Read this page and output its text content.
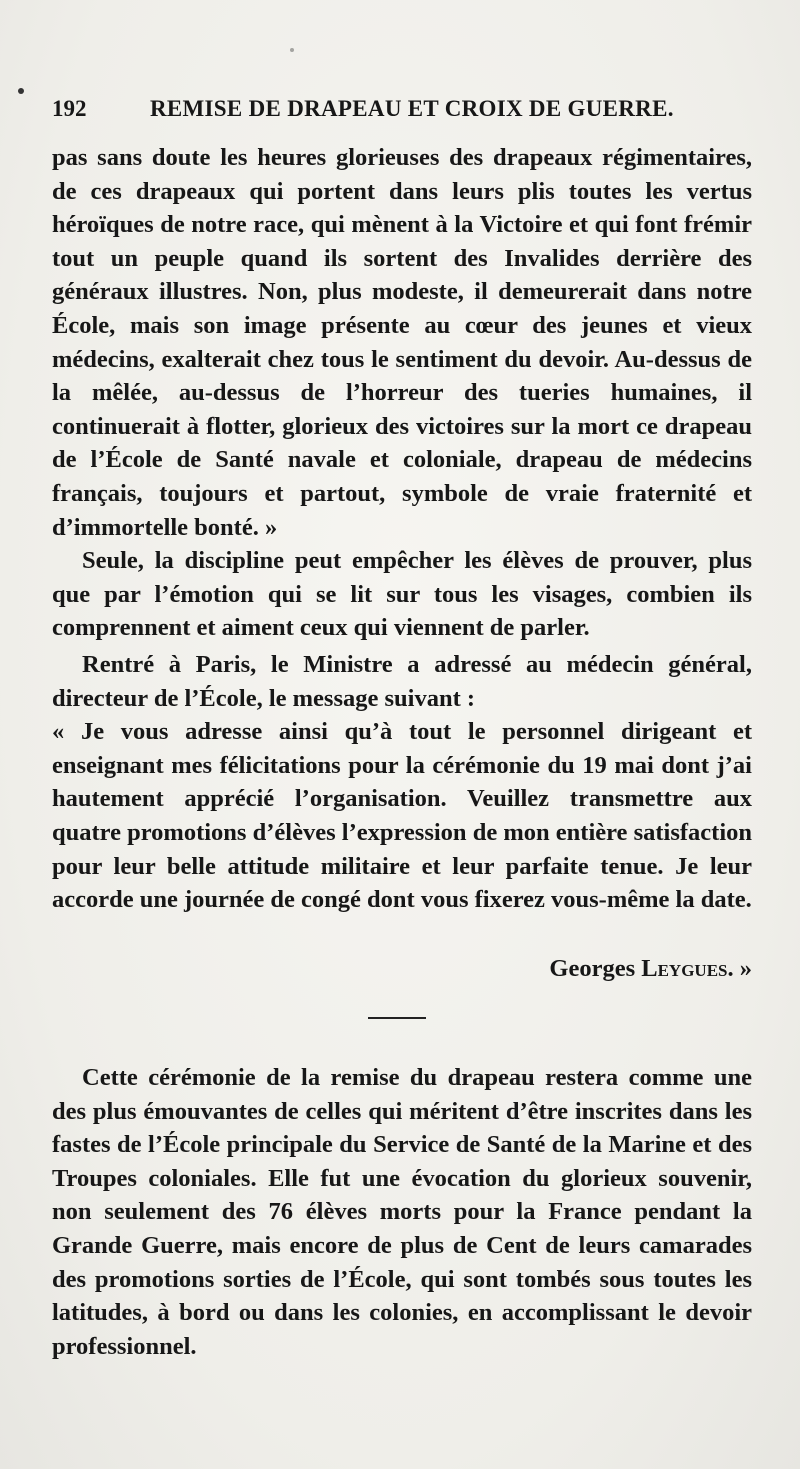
192	REMISE DE DRAPEAU ET CROIX DE GUERRE.

pas sans doute les heures glorieuses des drapeaux régimentaires, de ces drapeaux qui portent dans leurs plis toutes les vertus héroïques de notre race, qui mènent à la Victoire et qui font frémir tout un peuple quand ils sortent des Invalides derrière des généraux illustres. Non, plus modeste, il demeurerait dans notre École, mais son image présente au cœur des jeunes et vieux médecins, exalterait chez tous le sentiment du devoir. Au-dessus de la mêlée, au-dessus de l’horreur des tueries humaines, il continuerait à flotter, glorieux des victoires sur la mort ce drapeau de l’École de Santé navale et coloniale, drapeau de médecins français, toujours et partout, symbole de vraie fraternité et d’immortelle bonté. »

Seule, la discipline peut empêcher les élèves de prouver, plus que par l’émotion qui se lit sur tous les visages, combien ils comprennent et aiment ceux qui viennent de parler.

Rentré à Paris, le Ministre a adressé au médecin général, directeur de l’École, le message suivant :

« Je vous adresse ainsi qu’à tout le personnel dirigeant et enseignant mes félicitations pour la cérémonie du 19 mai dont j’ai hautement apprécié l’organisation. Veuillez transmettre aux quatre promotions d’élèves l’expression de mon entière satisfaction pour leur belle attitude militaire et leur parfaite tenue. Je leur accorde une journée de congé dont vous fixerez vous-même la date.

Georges Leygues. »

Cette cérémonie de la remise du drapeau restera comme une des plus émouvantes de celles qui méritent d’être inscrites dans les fastes de l’École principale du Service de Santé de la Marine et des Troupes coloniales. Elle fut une évocation du glorieux souvenir, non seulement des 76 élèves morts pour la France pendant la Grande Guerre, mais encore de plus de Cent de leurs camarades des promotions sorties de l’École, qui sont tombés sous toutes les latitudes, à bord ou dans les colonies, en accomplissant le devoir professionnel.
